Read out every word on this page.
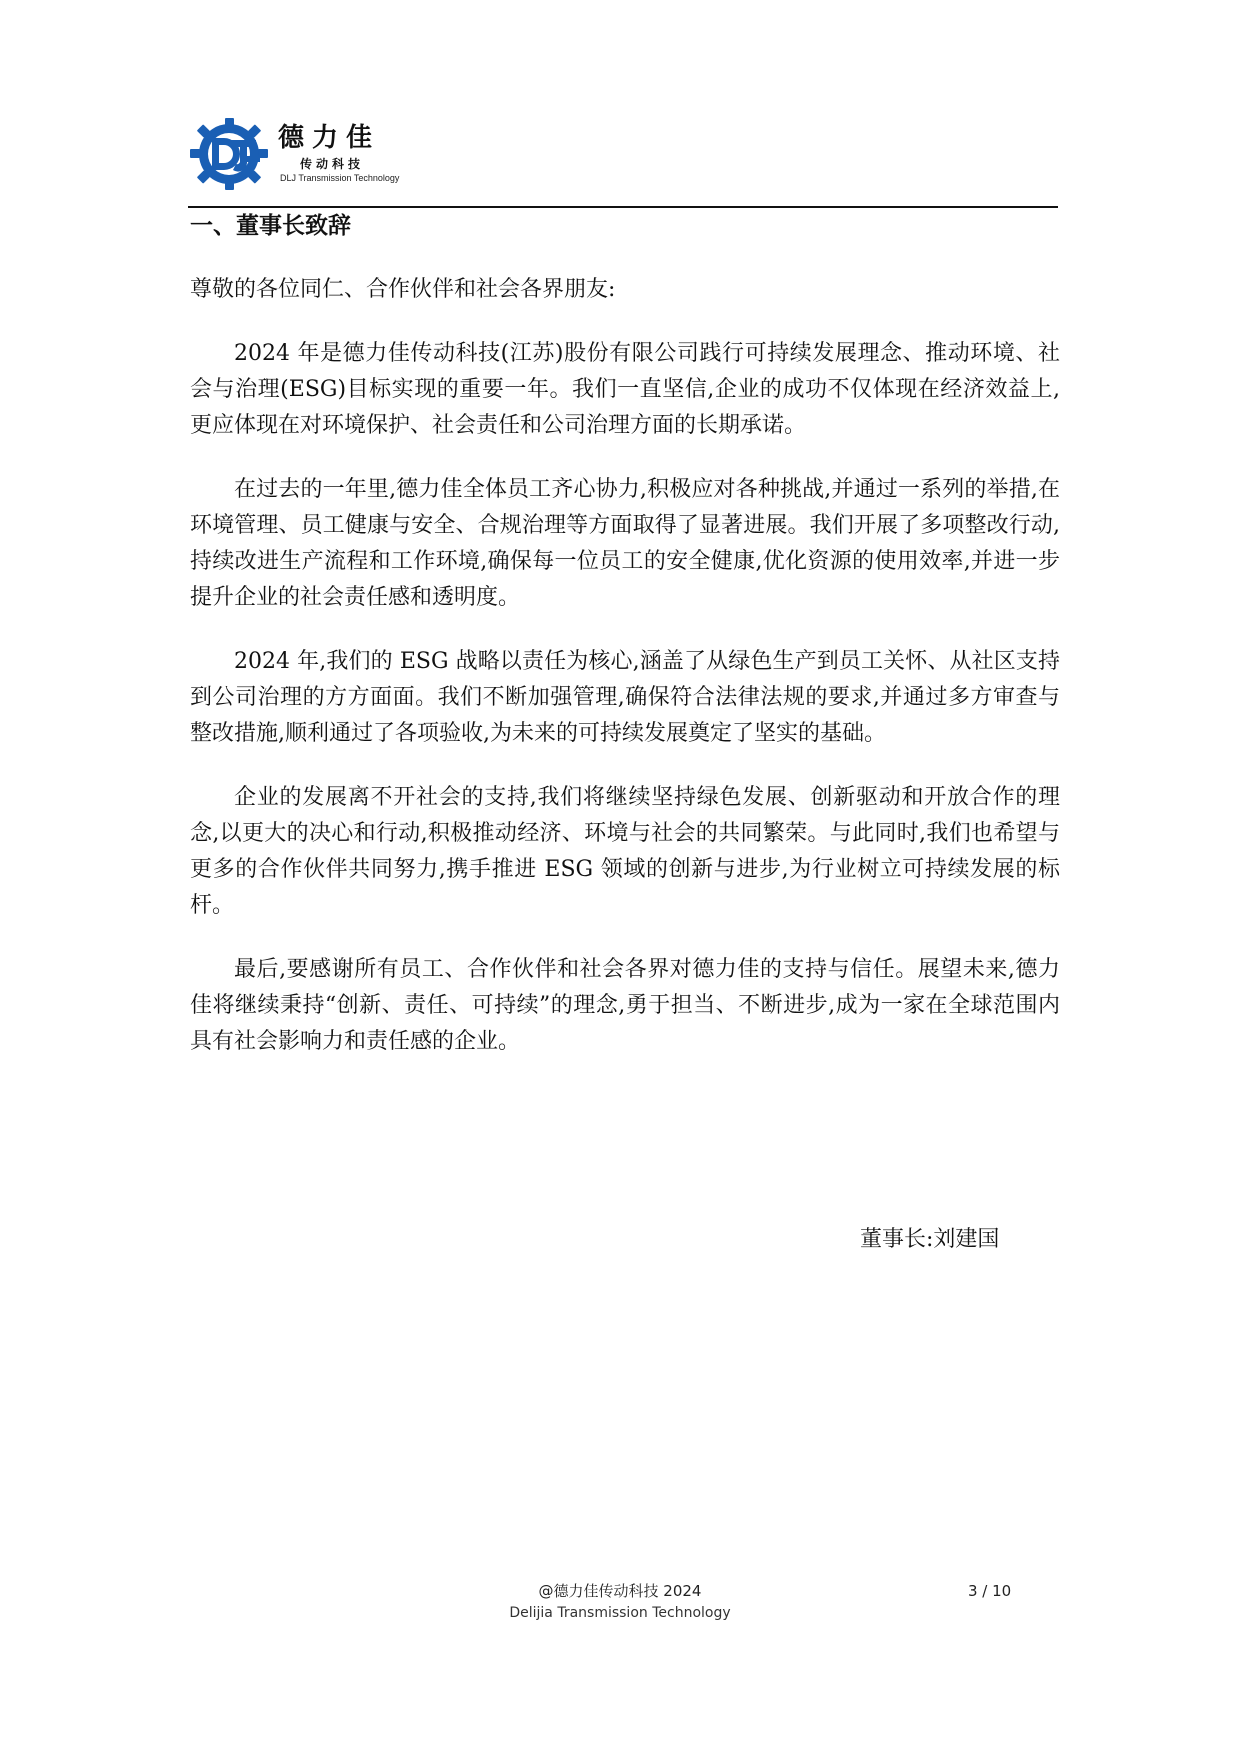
德力佳
传动科技
DLJ Transmission Technology
一、董事长致辞

尊敬的各位同仁、合作伙伴和社会各界朋友:

2024 年是德力佳传动科技(江苏)股份有限公司践行可持续发展理念、推动环境、社会与治理(ESG)目标实现的重要一年。我们一直坚信,企业的成功不仅体现在经济效益上,更应体现在对环境保护、社会责任和公司治理方面的长期承诺。

在过去的一年里,德力佳全体员工齐心协力,积极应对各种挑战,并通过一系列的举措,在环境管理、员工健康与安全、合规治理等方面取得了显著进展。我们开展了多项整改行动,持续改进生产流程和工作环境,确保每一位员工的安全健康,优化资源的使用效率,并进一步提升企业的社会责任感和透明度。

2024 年,我们的 ESG 战略以责任为核心,涵盖了从绿色生产到员工关怀、从社区支持到公司治理的方方面面。我们不断加强管理,确保符合法律法规的要求,并通过多方审查与整改措施,顺利通过了各项验收,为未来的可持续发展奠定了坚实的基础。

企业的发展离不开社会的支持,我们将继续坚持绿色发展、创新驱动和开放合作的理念,以更大的决心和行动,积极推动经济、环境与社会的共同繁荣。与此同时,我们也希望与更多的合作伙伴共同努力,携手推进 ESG 领域的创新与进步,为行业树立可持续发展的标杆。

最后,要感谢所有员工、合作伙伴和社会各界对德力佳的支持与信任。展望未来,德力佳将继续秉持“创新、责任、可持续”的理念,勇于担当、不断进步,成为一家在全球范围内具有社会影响力和责任感的企业。

董事长:刘建国
@德力佳传动科技 2024
Delijia Transmission Technology
3 / 10
